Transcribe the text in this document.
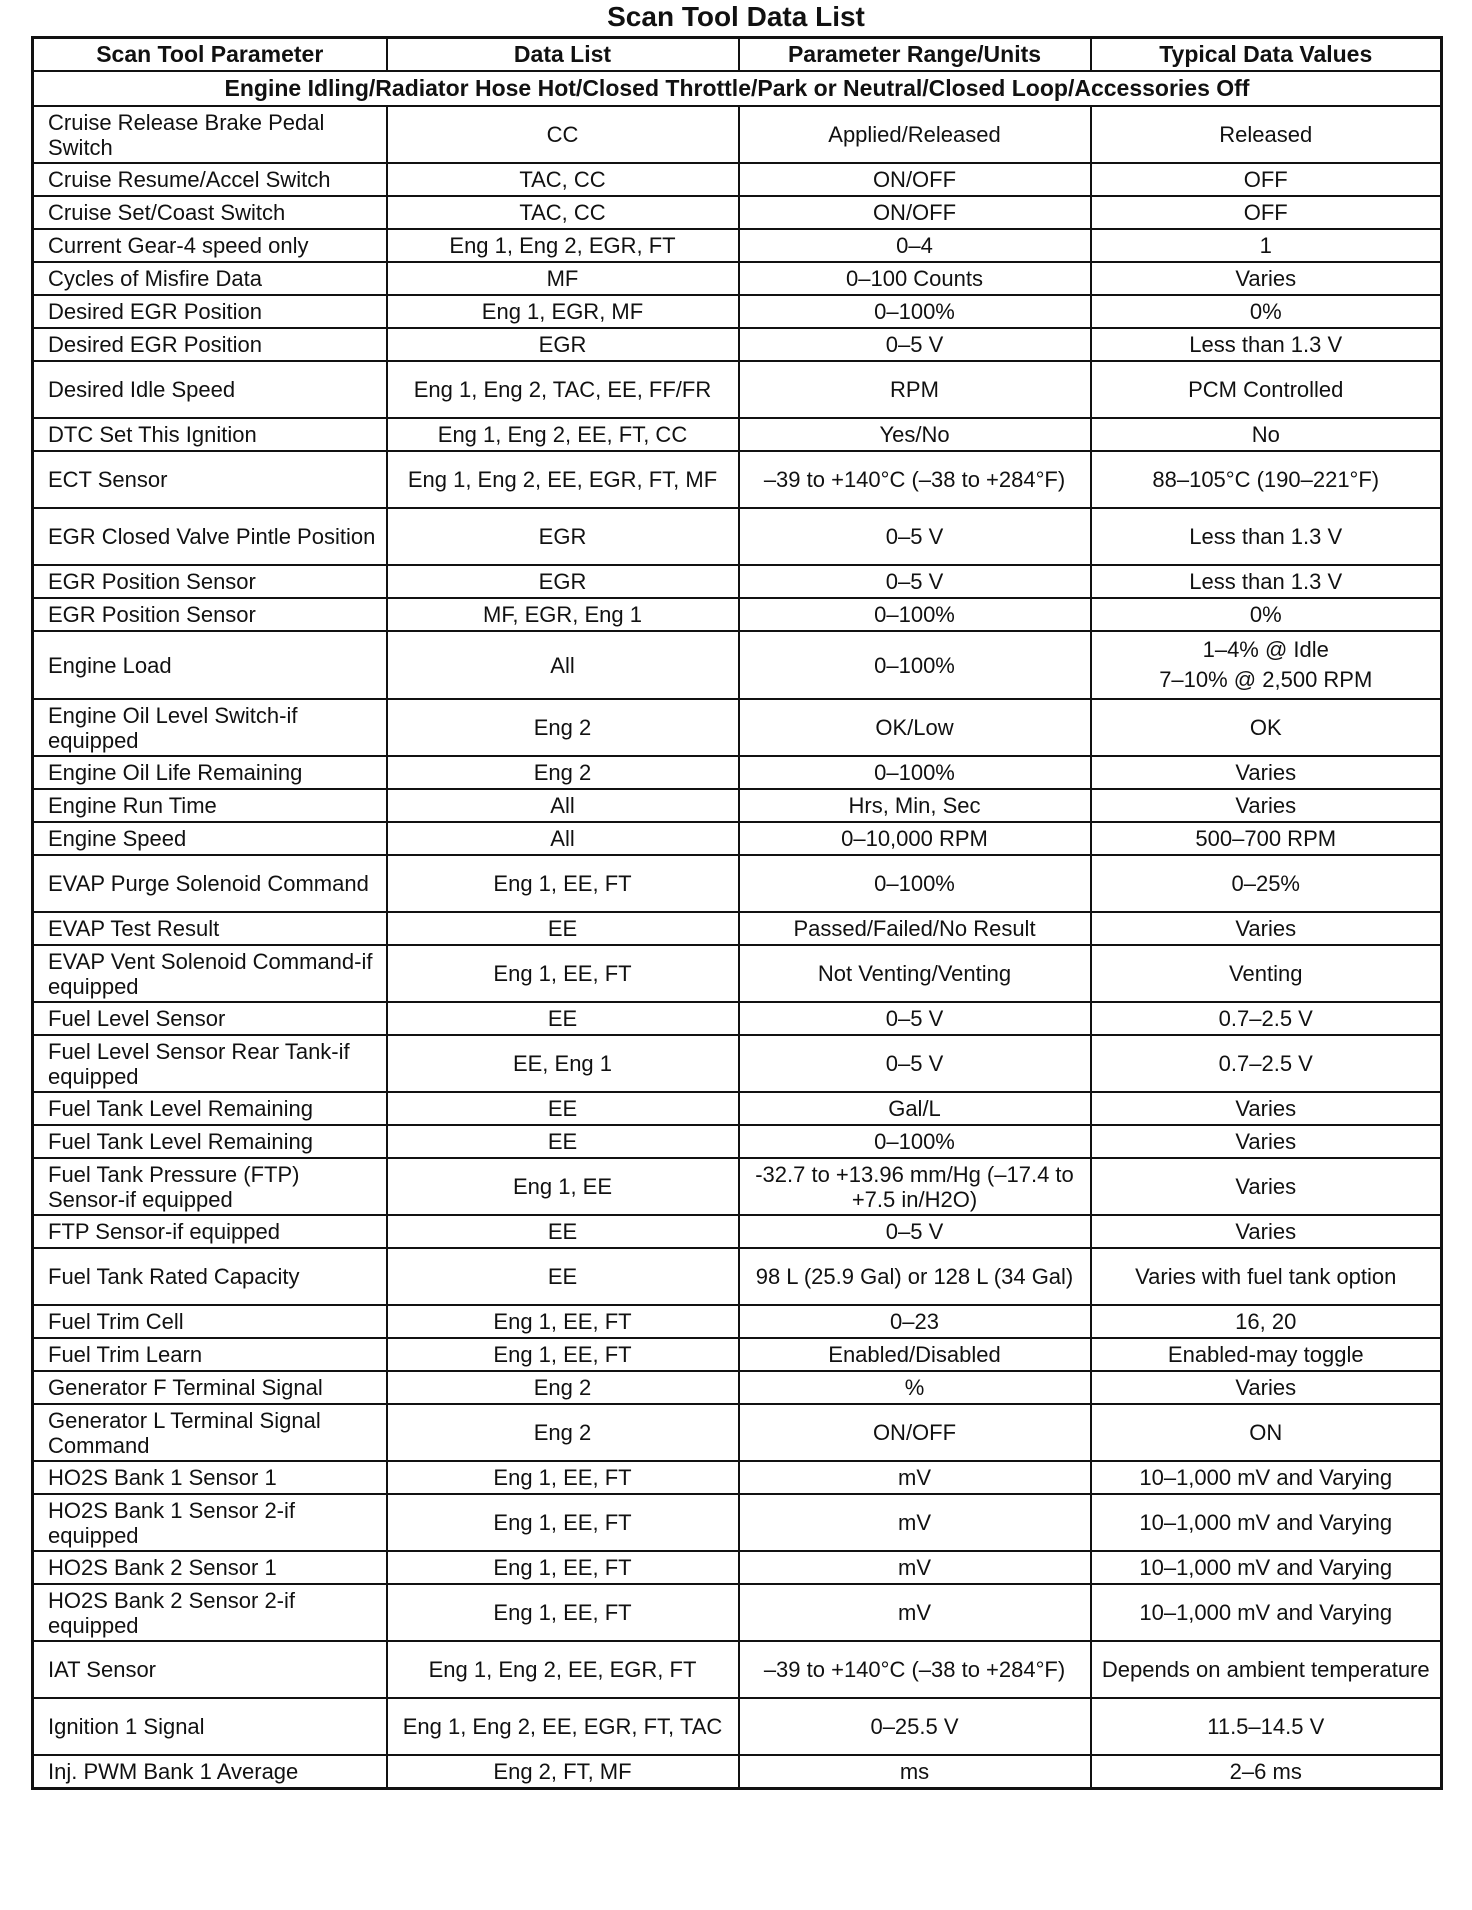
Scan Tool Data List
Scan Tool Parameter	Data List	Parameter Range/Units	Typical Data Values
Engine Idling/Radiator Hose Hot/Closed Throttle/Park or Neutral/Closed Loop/Accessories Off			
Cruise Release Brake Pedal Switch	CC	Applied/Released	Released
Cruise Resume/Accel Switch	TAC, CC	ON/OFF	OFF
Cruise Set/Coast Switch	TAC, CC	ON/OFF	OFF
Current Gear-4 speed only	Eng 1, Eng 2, EGR, FT	0–4	1
Cycles of Misfire Data	MF	0–100 Counts	Varies
Desired EGR Position	Eng 1, EGR, MF	0–100%	0%
Desired EGR Position	EGR	0–5 V	Less than 1.3 V
Desired Idle Speed	Eng 1, Eng 2, TAC, EE, FF/FR	RPM	PCM Controlled
DTC Set This Ignition	Eng 1, Eng 2, EE, FT, CC	Yes/No	No
ECT Sensor	Eng 1, Eng 2, EE, EGR, FT, MF	–39 to +140°C (–38 to +284°F)	88–105°C (190–221°F)
EGR Closed Valve Pintle Position	EGR	0–5 V	Less than 1.3 V
EGR Position Sensor	EGR	0–5 V	Less than 1.3 V
EGR Position Sensor	MF, EGR, Eng 1	0–100%	0%
Engine Load	All	0–100%	1–4% @ Idle
7–10% @ 2,500 RPM

Engine Oil Level Switch-if equipped	Eng 2	OK/Low	OK
Engine Oil Life Remaining	Eng 2	0–100%	Varies
Engine Run Time	All	Hrs, Min, Sec	Varies
Engine Speed	All	0–10,000 RPM	500–700 RPM
EVAP Purge Solenoid Command	Eng 1, EE, FT	0–100%	0–25%
EVAP Test Result	EE	Passed/Failed/No Result	Varies
EVAP Vent Solenoid Command-if equipped	Eng 1, EE, FT	Not Venting/Venting	Venting
Fuel Level Sensor	EE	0–5 V	0.7–2.5 V
Fuel Level Sensor Rear Tank-if equipped	EE, Eng 1	0–5 V	0.7–2.5 V
Fuel Tank Level Remaining	EE	Gal/L	Varies
Fuel Tank Level Remaining	EE	0–100%	Varies
Fuel Tank Pressure (FTP) Sensor-if equipped	Eng 1, EE	-32.7 to +13.96 mm/Hg (–17.4 to +7.5 in/H2O)	Varies
FTP Sensor-if equipped	EE	0–5 V	Varies
Fuel Tank Rated Capacity	EE	98 L (25.9 Gal) or 128 L (34 Gal)	Varies with fuel tank option
Fuel Trim Cell	Eng 1, EE, FT	0–23	16, 20
Fuel Trim Learn	Eng 1, EE, FT	Enabled/Disabled	Enabled-may toggle
Generator F Terminal Signal	Eng 2	%	Varies
Generator L Terminal Signal Command	Eng 2	ON/OFF	ON
HO2S Bank 1 Sensor 1	Eng 1, EE, FT	mV	10–1,000 mV and Varying
HO2S Bank 1 Sensor 2-if equipped	Eng 1, EE, FT	mV	10–1,000 mV and Varying
HO2S Bank 2 Sensor 1	Eng 1, EE, FT	mV	10–1,000 mV and Varying
HO2S Bank 2 Sensor 2-if equipped	Eng 1, EE, FT	mV	10–1,000 mV and Varying
IAT Sensor	Eng 1, Eng 2, EE, EGR, FT	–39 to +140°C (–38 to +284°F)	Depends on ambient temperature
Ignition 1 Signal	Eng 1, Eng 2, EE, EGR, FT, TAC	0–25.5 V	11.5–14.5 V
Inj. PWM Bank 1 Average	Eng 2, FT, MF	ms	2–6 ms
